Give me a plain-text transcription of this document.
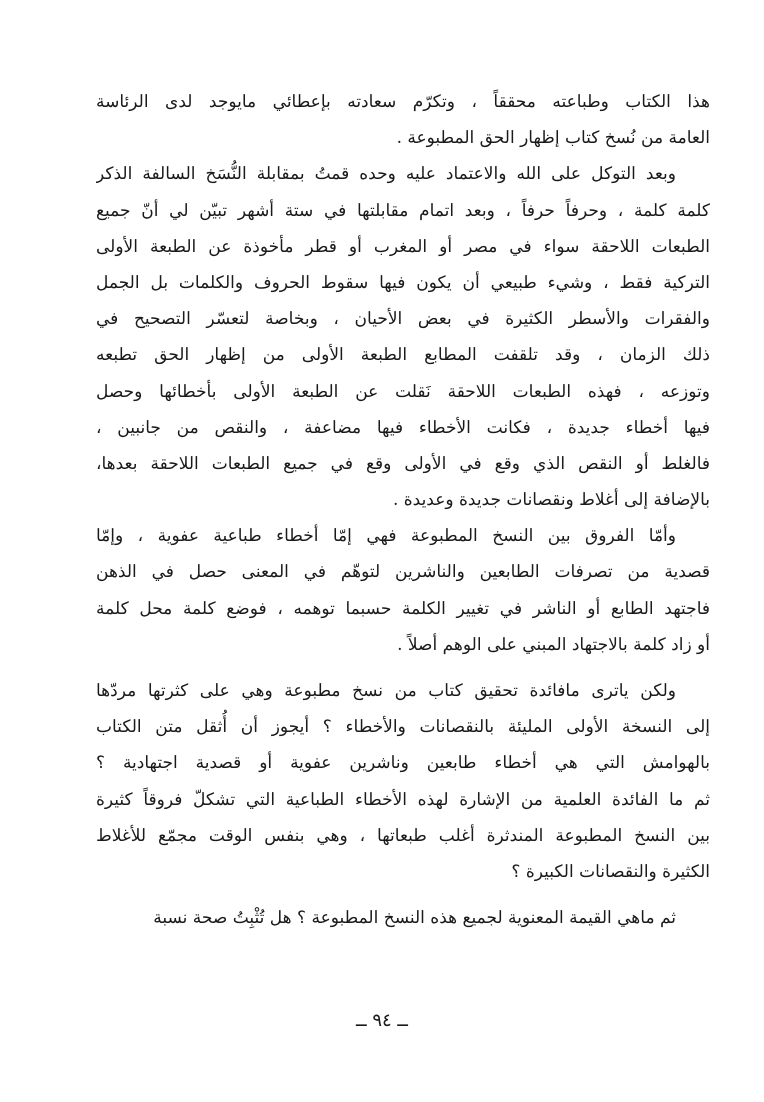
هذا الكتاب وطباعته محققاً ، وتكرّم سعادته بإعطائي مايوجد لدى الرئاسة
العامة من نُسخ كتاب إظهار الحق المطبوعة .
وبعد التوكل على الله والاعتماد عليه وحده قمتُ بمقابلة النُّسَخ السالفة الذكر
كلمة كلمة ، وحرفاً حرفاً ، وبعد اتمام مقابلتها في ستة أشهر تبيّن لي أنّ جميع
الطبعات اللاحقة سواء في مصر أو المغرب أو قطر مأخوذة عن الطبعة الأولى
التركية فقط ، وشيء طبيعي أن يكون فيها سقوط الحروف والكلمات بل الجمل
والفقرات والأسطر الكثيرة في بعض الأحيان ، وبخاصة لتعسّر التصحيح في
ذلك الزمان ، وقد تلقفت المطابع الطبعة الأولى من إظهار الحق تطبعه
وتوزعه ، فهذه الطبعات اللاحقة نَقلت عن الطبعة الأولى بأخطائها وحصل
فيها أخطاء جديدة ، فكانت الأخطاء فيها مضاعفة ، والنقص من جانبين ،
فالغلط أو النقص الذي وقع في الأولى وقع في جميع الطبعات اللاحقة بعدها،
بالإضافة إلى أغلاط ونقصانات جديدة وعديدة .
وأمّا الفروق بين النسخ المطبوعة فهي إمّا أخطاء طباعية عفوية ، وإمّا
قصدية من تصرفات الطابعين والناشرين لتوهّم في المعنى حصل في الذهن
فاجتهد الطابع أو الناشر في تغيير الكلمة حسبما توهمه ، فوضع كلمة محل كلمة
أو زاد كلمة بالاجتهاد المبني على الوهم أصلاً .
ولكن ياترى مافائدة تحقيق كتاب من نسخ مطبوعة وهي على كثرتها مردّها
إلى النسخة الأولى المليئة بالنقصانات والأخطاء ؟ أيجوز أن أُثقل متن الكتاب
بالهوامش التي هي أخطاء طابعين وناشرين عفوية أو قصدية اجتهادية ؟
ثم ما الفائدة العلمية من الإشارة لهذه الأخطاء الطباعية التي تشكلّ فروقاً كثيرة
بين النسخ المطبوعة المندثرة أغلب طبعاتها ، وهي بنفس الوقت مجمّع للأغلاط
الكثيرة والنقصانات الكبيرة ؟
ثم ماهي القيمة المعنوية لجميع هذه النسخ المطبوعة ؟ هل تُثْبِتُ صحة نسبة
ــ ٩٤ ــ
